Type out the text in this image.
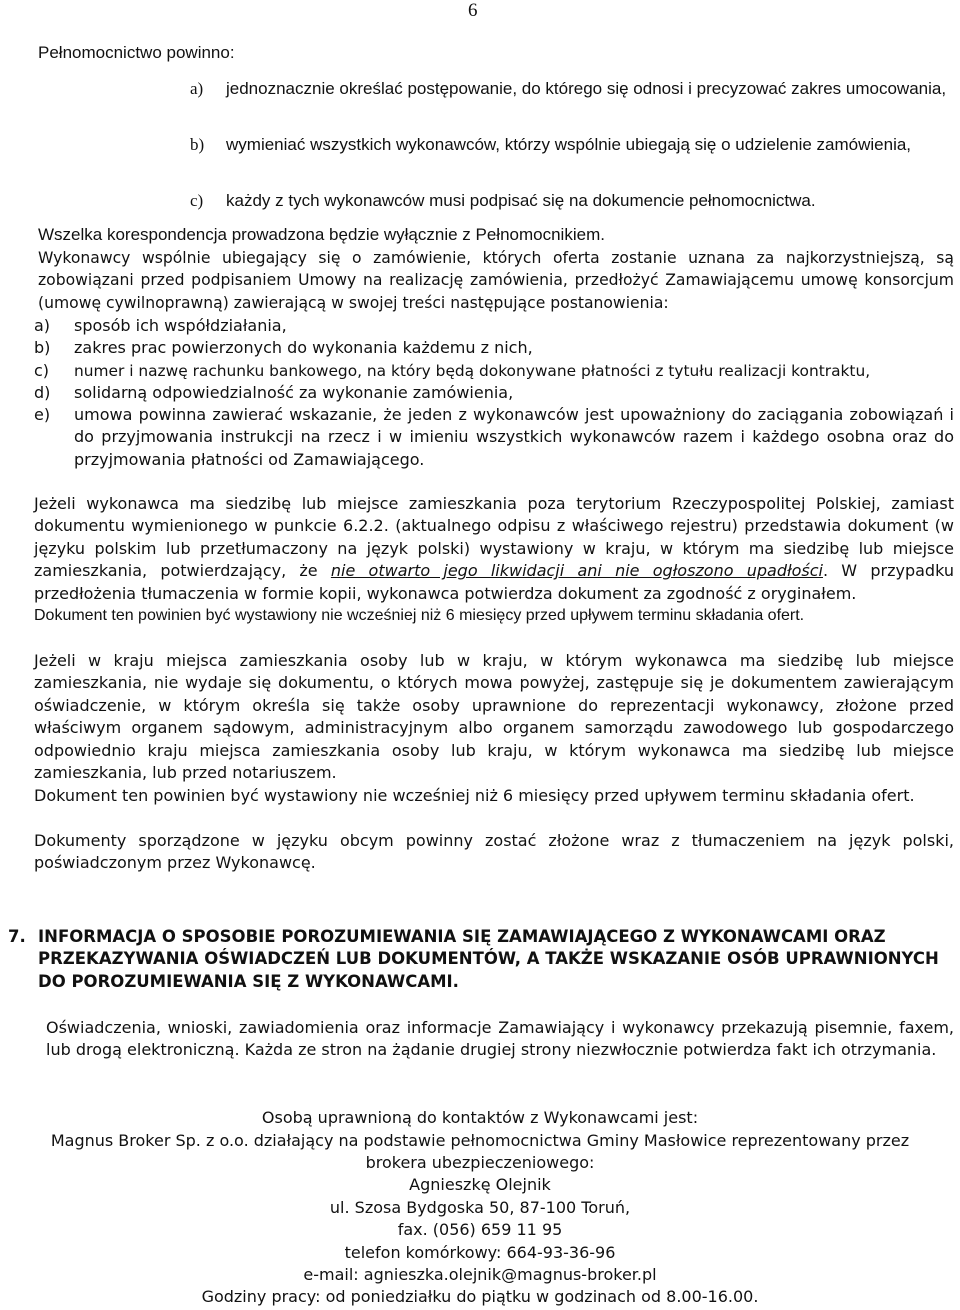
6
Pełnomocnictwo powinno:
a)	jednoznacznie określać postępowanie, do którego się odnosi i precyzować zakres umocowania,
b)	wymieniać wszystkich wykonawców, którzy wspólnie ubiegają się o udzielenie zamówienia,
c)	każdy z tych wykonawców musi podpisać się na dokumencie pełnomocnictwa.
Wszelka korespondencja prowadzona będzie wyłącznie z Pełnomocnikiem.
Wykonawcy wspólnie ubiegający się o zamówienie, których oferta zostanie uznana za najkorzystniejszą, są zobowiązani przed podpisaniem Umowy na realizację zamówienia, przedłożyć Zamawiającemu umowę konsorcjum (umowę cywilnoprawną) zawierającą w swojej treści następujące postanowienia:
a) sposób ich współdziałania,
b) zakres prac powierzonych do wykonania każdemu z nich,
c) numer i nazwę rachunku bankowego, na który będą dokonywane płatności z tytułu realizacji kontraktu,
d) solidarną odpowiedzialność za wykonanie zamówienia,
e) umowa powinna zawierać wskazanie, że jeden z wykonawców jest upoważniony do zaciągania zobowiązań i do przyjmowania instrukcji na rzecz i w imieniu wszystkich wykonawców razem i każdego osobna oraz do przyjmowania płatności od Zamawiającego.
Jeżeli wykonawca ma siedzibę lub miejsce zamieszkania poza terytorium Rzeczypospolitej Polskiej, zamiast dokumentu wymienionego w punkcie 6.2.2. (aktualnego odpisu z właściwego rejestru) przedstawia dokument (w języku polskim lub przetłumaczony na język polski) wystawiony w kraju, w którym ma siedzibę lub miejsce zamieszkania, potwierdzający, że nie otwarto jego likwidacji ani nie ogłoszono upadłości. W przypadku przedłożenia tłumaczenia w formie kopii, wykonawca potwierdza dokument za zgodność z oryginałem.
Dokument ten powinien być wystawiony nie wcześniej niż 6 miesięcy przed upływem terminu składania ofert.
Jeżeli w kraju miejsca zamieszkania osoby lub w kraju, w którym wykonawca ma siedzibę lub miejsce zamieszkania, nie wydaje się dokumentu, o których mowa powyżej, zastępuje się je dokumentem zawierającym oświadczenie, w którym określa się także osoby uprawnione do reprezentacji wykonawcy, złożone przed właściwym organem sądowym, administracyjnym albo organem samorządu zawodowego lub gospodarczego odpowiednio kraju miejsca zamieszkania osoby lub kraju, w którym wykonawca ma siedzibę lub miejsce zamieszkania, lub przed notariuszem.
Dokument ten powinien być wystawiony nie wcześniej niż 6 miesięcy przed upływem terminu składania ofert.
Dokumenty sporządzone w języku obcym powinny zostać złożone wraz z tłumaczeniem na język polski, poświadczonym przez Wykonawcę.
7. INFORMACJA O SPOSOBIE POROZUMIEWANIA SIĘ ZAMAWIAJĄCEGO Z WYKONAWCAMI ORAZ PRZEKAZYWANIA OŚWIADCZEŃ LUB DOKUMENTÓW, A TAKŻE WSKAZANIE OSÓB UPRAWNIONYCH DO POROZUMIEWANIA SIĘ Z WYKONAWCAMI.
Oświadczenia, wnioski, zawiadomienia oraz informacje Zamawiający i wykonawcy przekazują pisemnie, faxem, lub drogą elektroniczną. Każda ze stron na żądanie drugiej strony niezwłocznie potwierdza fakt ich otrzymania.
Osobą uprawnioną do kontaktów z Wykonawcami jest:
Magnus Broker Sp. z o.o. działający na podstawie pełnomocnictwa Gminy Masłowice reprezentowany przez
brokera ubezpieczeniowego:
Agnieszkę Olejnik
ul. Szosa Bydgoska 50, 87-100 Toruń,
fax. (056) 659 11 95
telefon komórkowy: 664-93-36-96
e-mail: agnieszka.olejnik@magnus-broker.pl
Godziny pracy: od poniedziałku do piątku w godzinach od 8.00-16.00.
